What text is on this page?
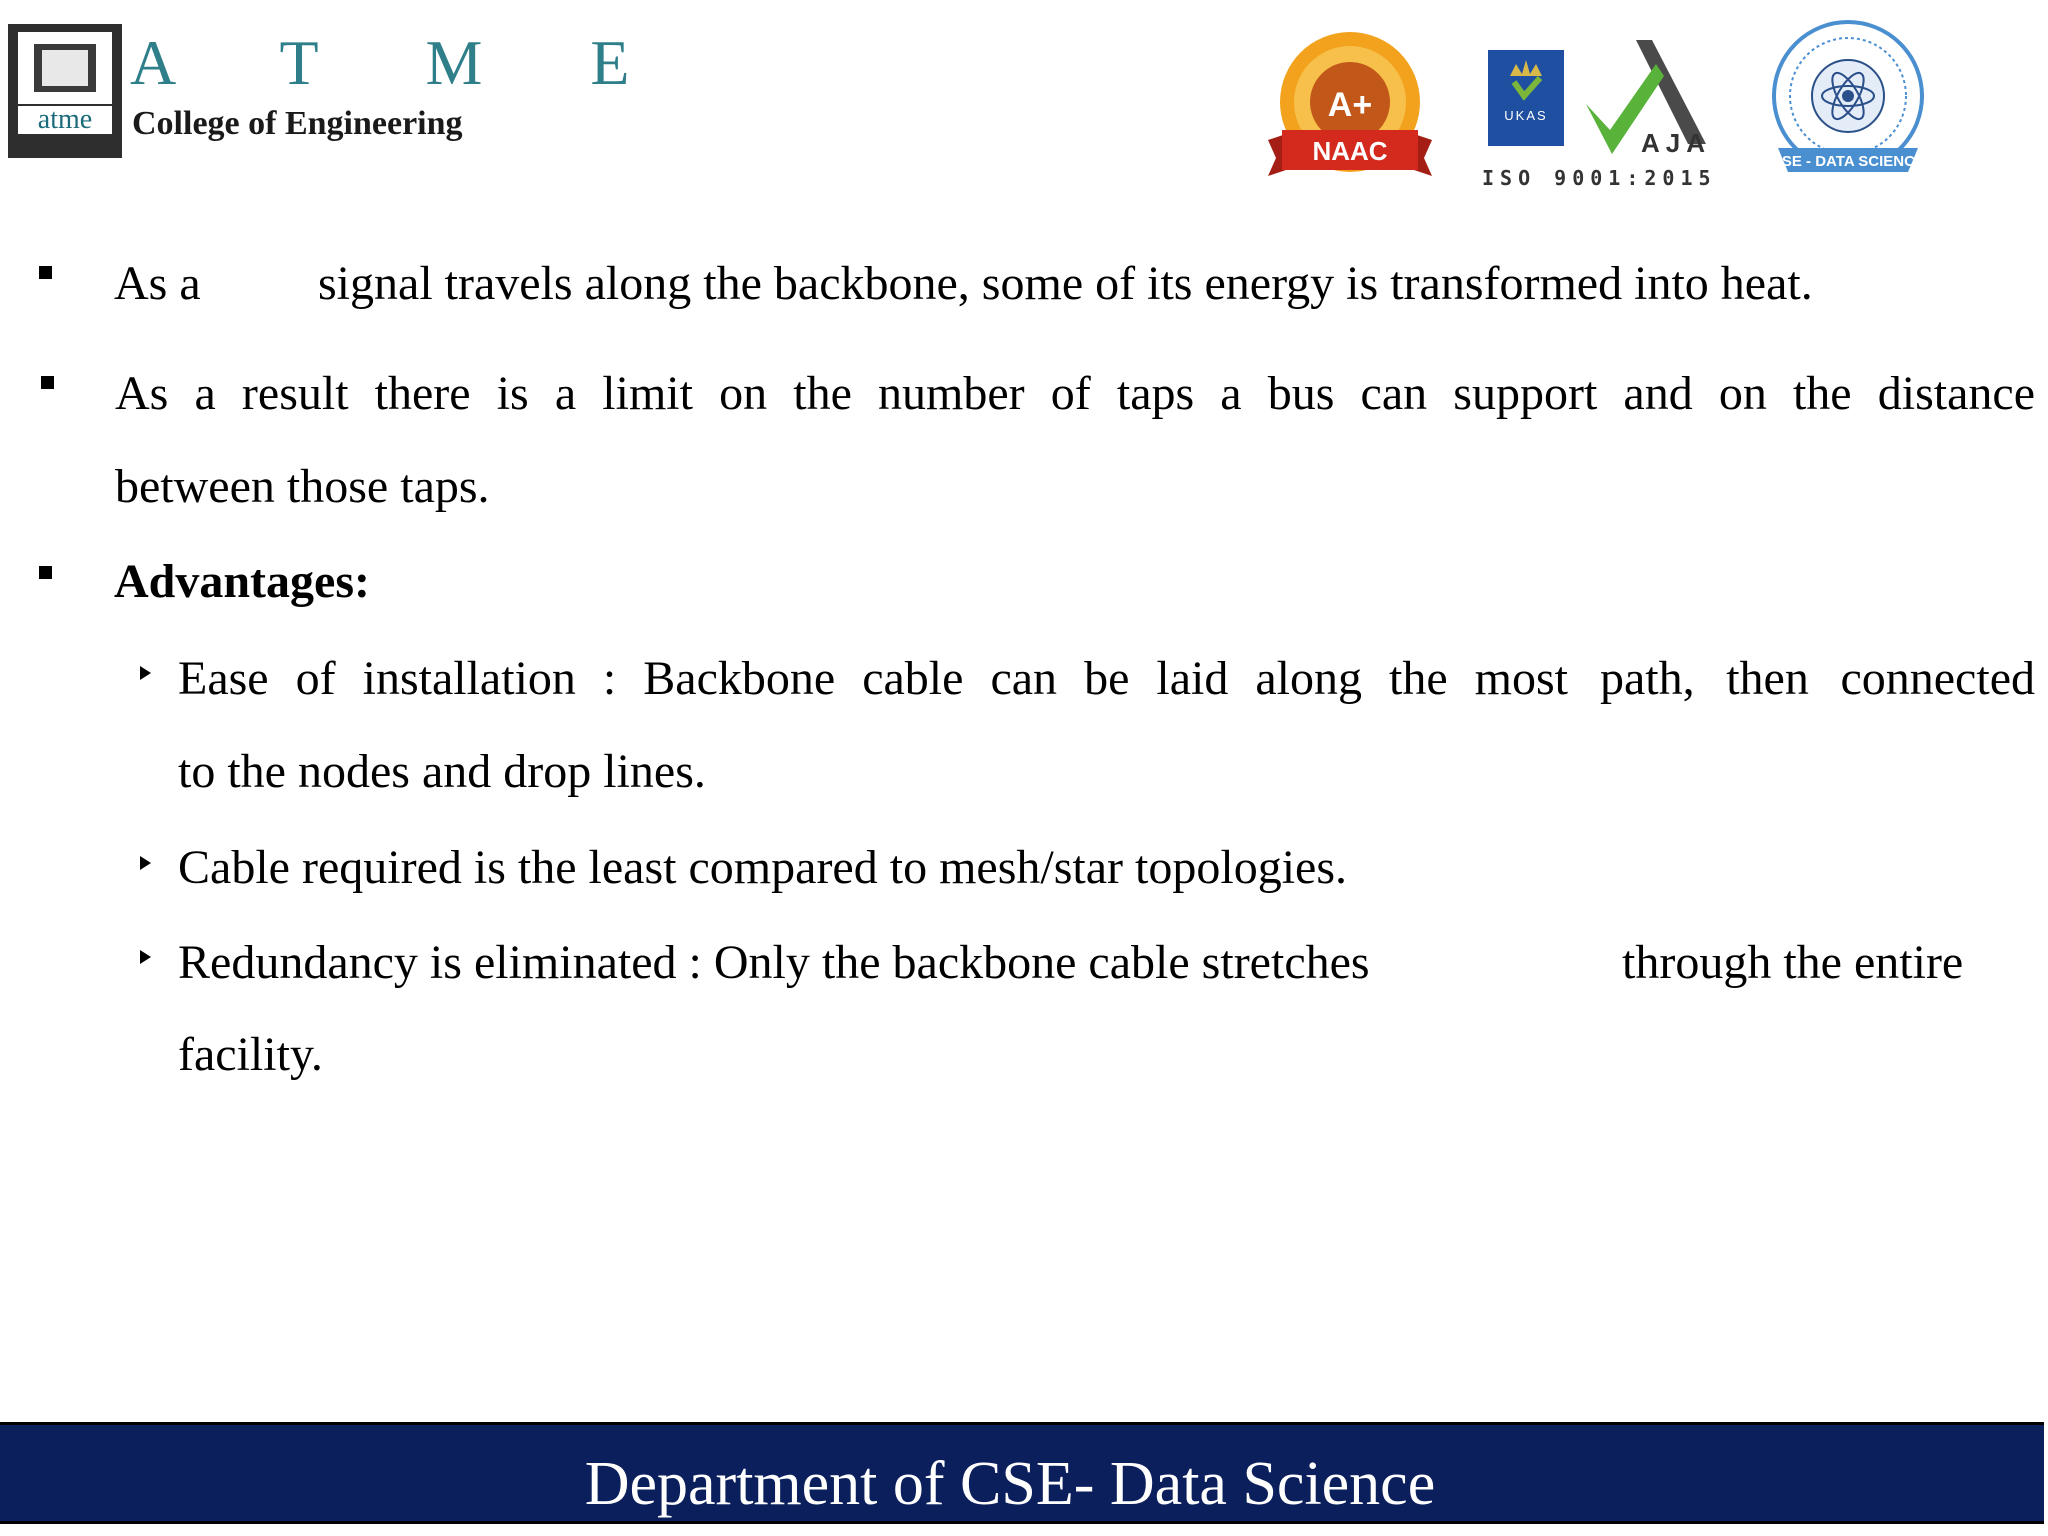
atme
A T M E
College of Engineering	A+
NAAC
UKAS
AJA
ISO 9001:2015
CSE - DATA SCIENCE
As a signal travels along the backbone, some of its energy is transformed into heat.
As a result there is a limit on the number of taps a bus can support and on the distance
between those taps.
Advantages:
Ease of installation : Backbone cable can be laid along the most path, then connected
to the nodes and drop lines.
Cable required is the least compared to mesh/star topologies.
Redundancy is eliminated : Only the backbone cable stretches	through the entire
facility.
Department of CSE- Data Science
